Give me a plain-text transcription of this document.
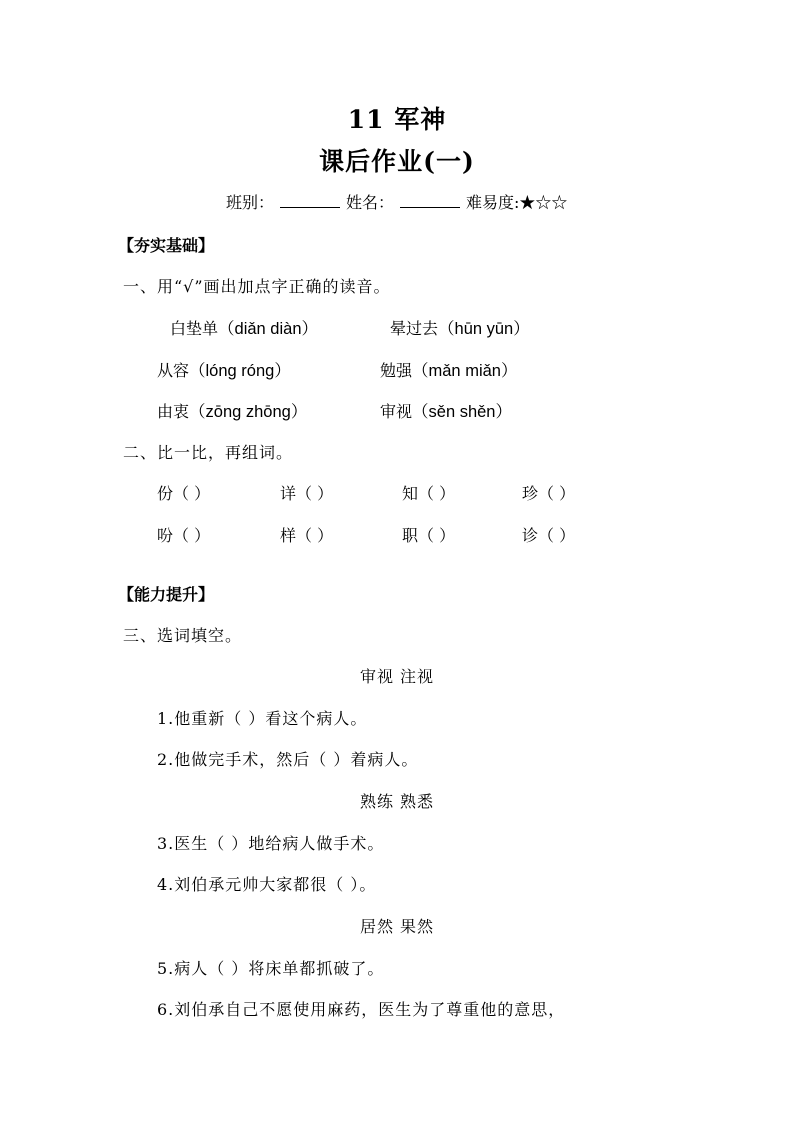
11 军神
课后作业(一)
班别：	姓名：	难易度:★☆☆
【夯实基础】
一、用“√”画出加点字正确的读音。
白垫单（diǎn diàn）	晕过去（hūn yūn）
从容（lóng róng）	勉强（mǎn miǎn）
由衷（zōng zhōng）	审视（sěn shěn）
二、比一比，再组词。
份（ ）	详（ ）	知（ ）	珍（ ）
吩（ ）	样（ ）	职（ ）	诊（ ）
【能力提升】
三、选词填空。
审视 注视
1.他重新（ ）看这个病人。
2.他做完手术，然后（ ）着病人。
熟练 熟悉
3.医生（ ）地给病人做手术。
4.刘伯承元帅大家都很（ ）。
居然 果然
5.病人（ ）将床单都抓破了。
6.刘伯承自己不愿使用麻药，医生为了尊重他的意思，
